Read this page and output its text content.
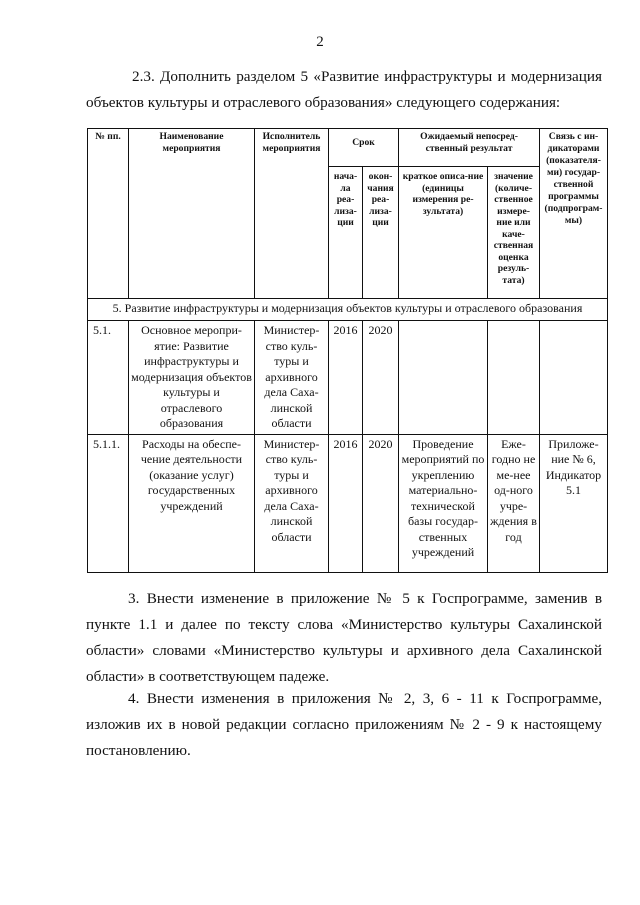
2

2.3. Дополнить разделом 5 «Развитие инфраструктуры и модернизация объектов культуры и отраслевого образования» следующего содержания:

№ пп.	Наименование мероприятия	Исполнитель мероприятия	Срок		Ожидаемый непосред-ственный результат		Связь с ин-дикаторами (показателя-ми) государ-ственной программы (подпрограм-мы)
			нача-ла реа-лиза-ции	окон-чания реа-лиза-ции	краткое описа-ние (единицы измерения ре-зультата)	значение (количе-ственное измере-ние или каче-ственная оценка резуль-тата)	
5. Развитие инфраструктуры и модернизация объектов культуры и отраслевого образования							
5.1.	Основное меропри-ятие: Развитие инфраструктуры и модернизация объектов культуры и отраслевого образования	Министер-ство куль-туры и архивного дела Саха-линской области	2016	2020			
5.1.1.	Расходы на обеспе-чение деятельности (оказание услуг) государственных учреждений	Министер-ство куль-туры и архивного дела Саха-линской области	2016	2020	Проведение мероприятий по укреплению материально-технической базы государ-ственных учреждений	Еже-годно не ме-нее од-ного учре-ждения в год	Приложе-ние № 6, Индикатор 5.1

3. Внести изменение в приложение № 5 к Госпрограмме, заменив в пункте 1.1 и далее по тексту слова «Министерство культуры Сахалинской области» словами «Министерство культуры и архивного дела Сахалинской области» в соответствующем падеже.

4. Внести изменения в приложения № 2, 3, 6 - 11 к Госпрограмме, изложив их в новой редакции согласно приложениям № 2 - 9 к настоящему постановлению.
